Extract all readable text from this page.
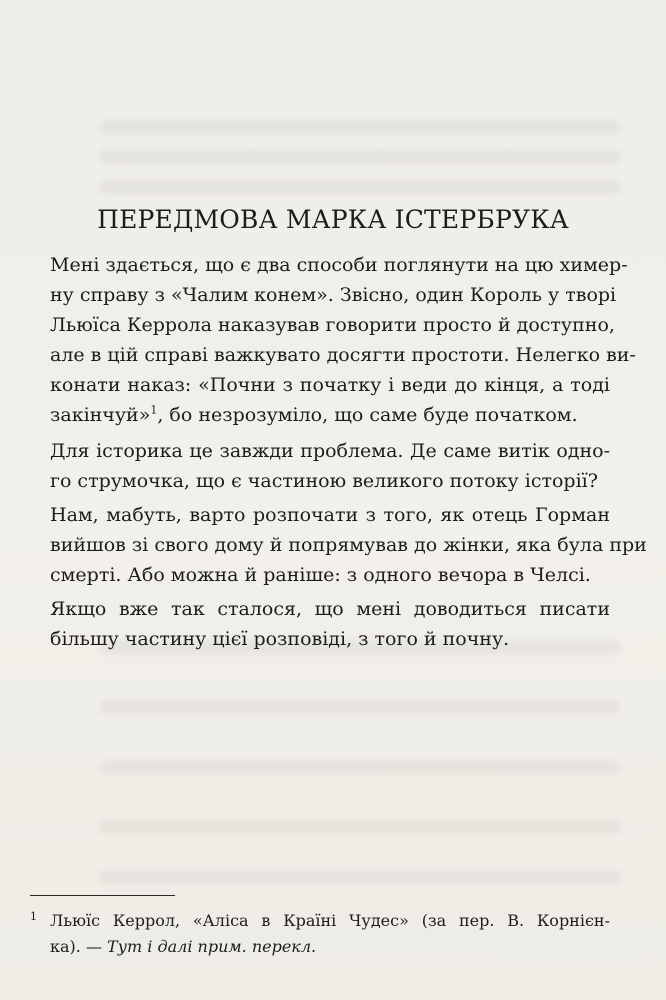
ПЕРЕДМОВА МАРКА ІСТЕРБРУКА

Мені здається, що є два способи поглянути на цю химер-
ну справу з «Чалим конем». Звісно, один Король у творі
Льюїса Керрола наказував говорити просто й доступно,
але в цій справі важкувато досягти простоти. Нелегко ви-
конати наказ: «Почни з початку і веди до кінця, а тоді
закінчуй»$^1$, бо незрозуміло, що саме буде початком.

Для історика це завжди проблема. Де саме витік одно-
го струмочка, що є частиною великого потоку історії?

Нам, мабуть, варто розпочати з того, як отець Горман
вийшов зі свого дому й попрямував до жінки, яка була при
смерті. Або можна й раніше: з одного вечора в Челсі.

Якщо вже так сталося, що мені доводиться писати
більшу частину цієї розповіді, з того й почну.

1 Льюїс Керрол, «Аліса в Країні Чудес» (за пер. В. Корнієн-
ка). — Тут і далі прим. перекл.
